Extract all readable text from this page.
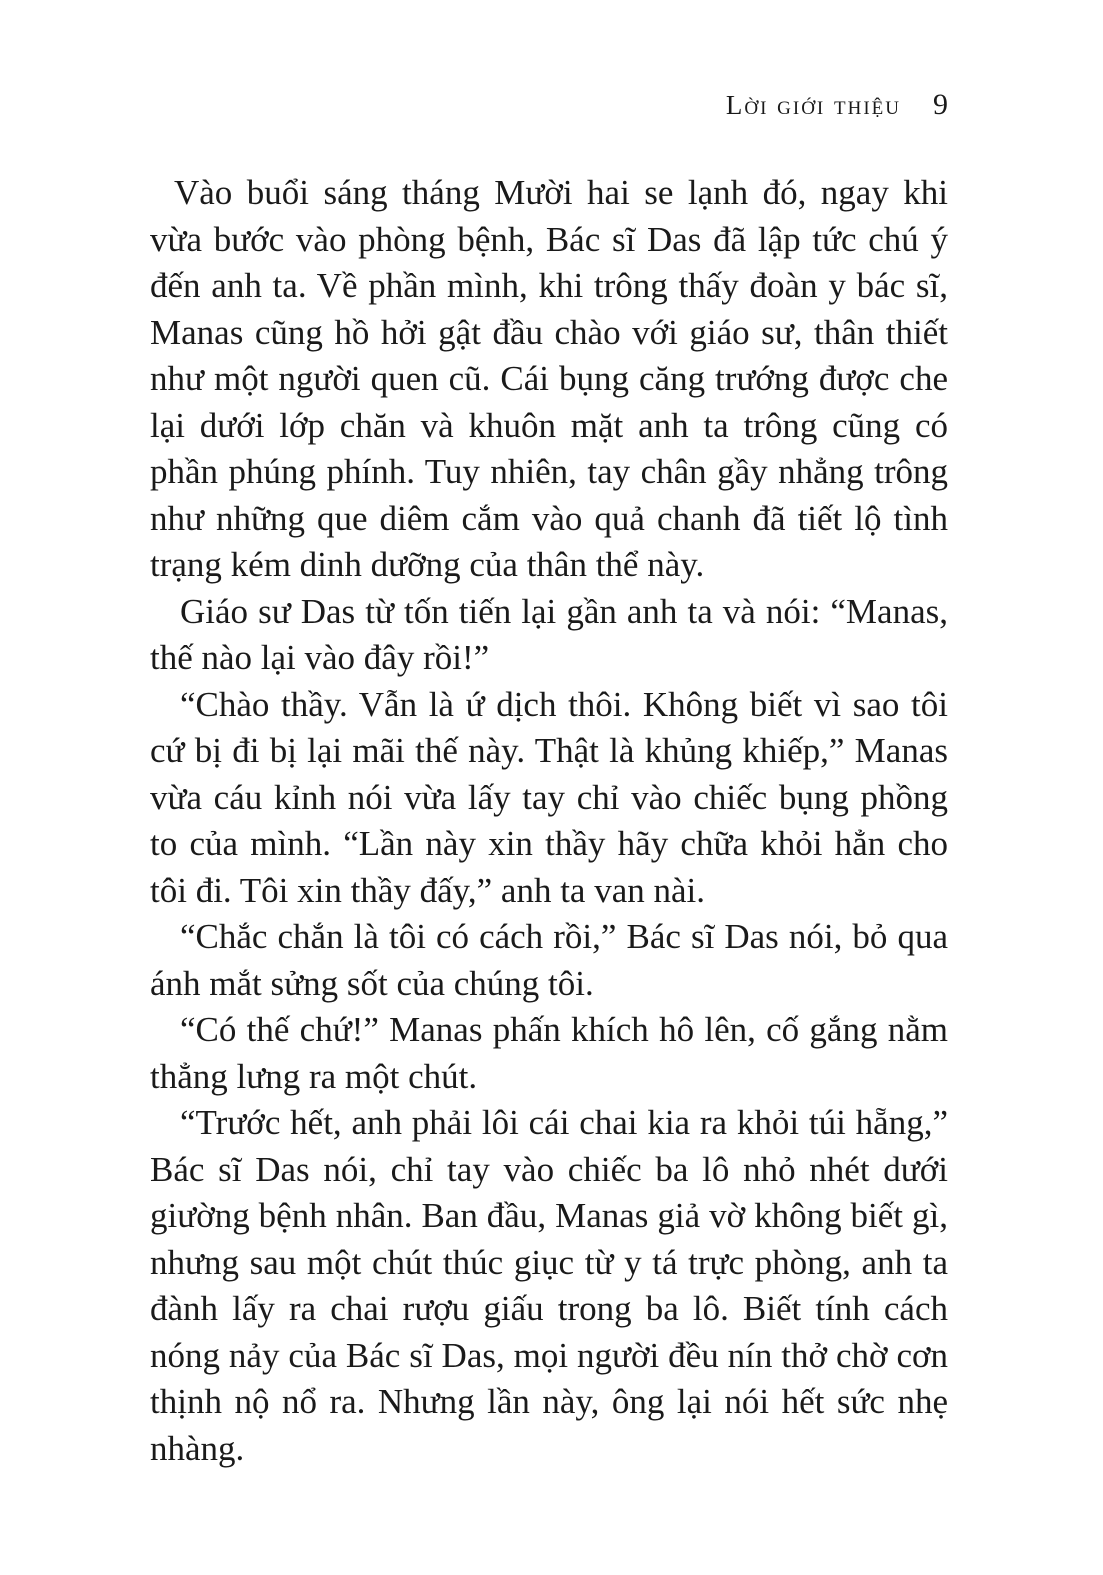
Lời giới thiệu 9

Vào buổi sáng tháng Mười hai se lạnh đó, ngay khi vừa bước vào phòng bệnh, Bác sĩ Das đã lập tức chú ý đến anh ta. Về phần mình, khi trông thấy đoàn y bác sĩ, Manas cũng hồ hởi gật đầu chào với giáo sư, thân thiết như một người quen cũ. Cái bụng căng trướng được che lại dưới lớp chăn và khuôn mặt anh ta trông cũng có phần phúng phính. Tuy nhiên, tay chân gầy nhẳng trông như những que diêm cắm vào quả chanh đã tiết lộ tình trạng kém dinh dưỡng của thân thể này.

Giáo sư Das từ tốn tiến lại gần anh ta và nói: “Manas, thế nào lại vào đây rồi!”

“Chào thầy. Vẫn là ứ dịch thôi. Không biết vì sao tôi cứ bị đi bị lại mãi thế này. Thật là khủng khiếp,” Manas vừa cáu kỉnh nói vừa lấy tay chỉ vào chiếc bụng phồng to của mình. “Lần này xin thầy hãy chữa khỏi hẳn cho tôi đi. Tôi xin thầy đấy,” anh ta van nài.

“Chắc chắn là tôi có cách rồi,” Bác sĩ Das nói, bỏ qua ánh mắt sửng sốt của chúng tôi.

“Có thế chứ!” Manas phấn khích hô lên, cố gắng nằm thẳng lưng ra một chút.

“Trước hết, anh phải lôi cái chai kia ra khỏi túi hẵng,” Bác sĩ Das nói, chỉ tay vào chiếc ba lô nhỏ nhét dưới giường bệnh nhân. Ban đầu, Manas giả vờ không biết gì, nhưng sau một chút thúc giục từ y tá trực phòng, anh ta đành lấy ra chai rượu giấu trong ba lô. Biết tính cách nóng nảy của Bác sĩ Das, mọi người đều nín thở chờ cơn thịnh nộ nổ ra. Nhưng lần này, ông lại nói hết sức nhẹ nhàng.
